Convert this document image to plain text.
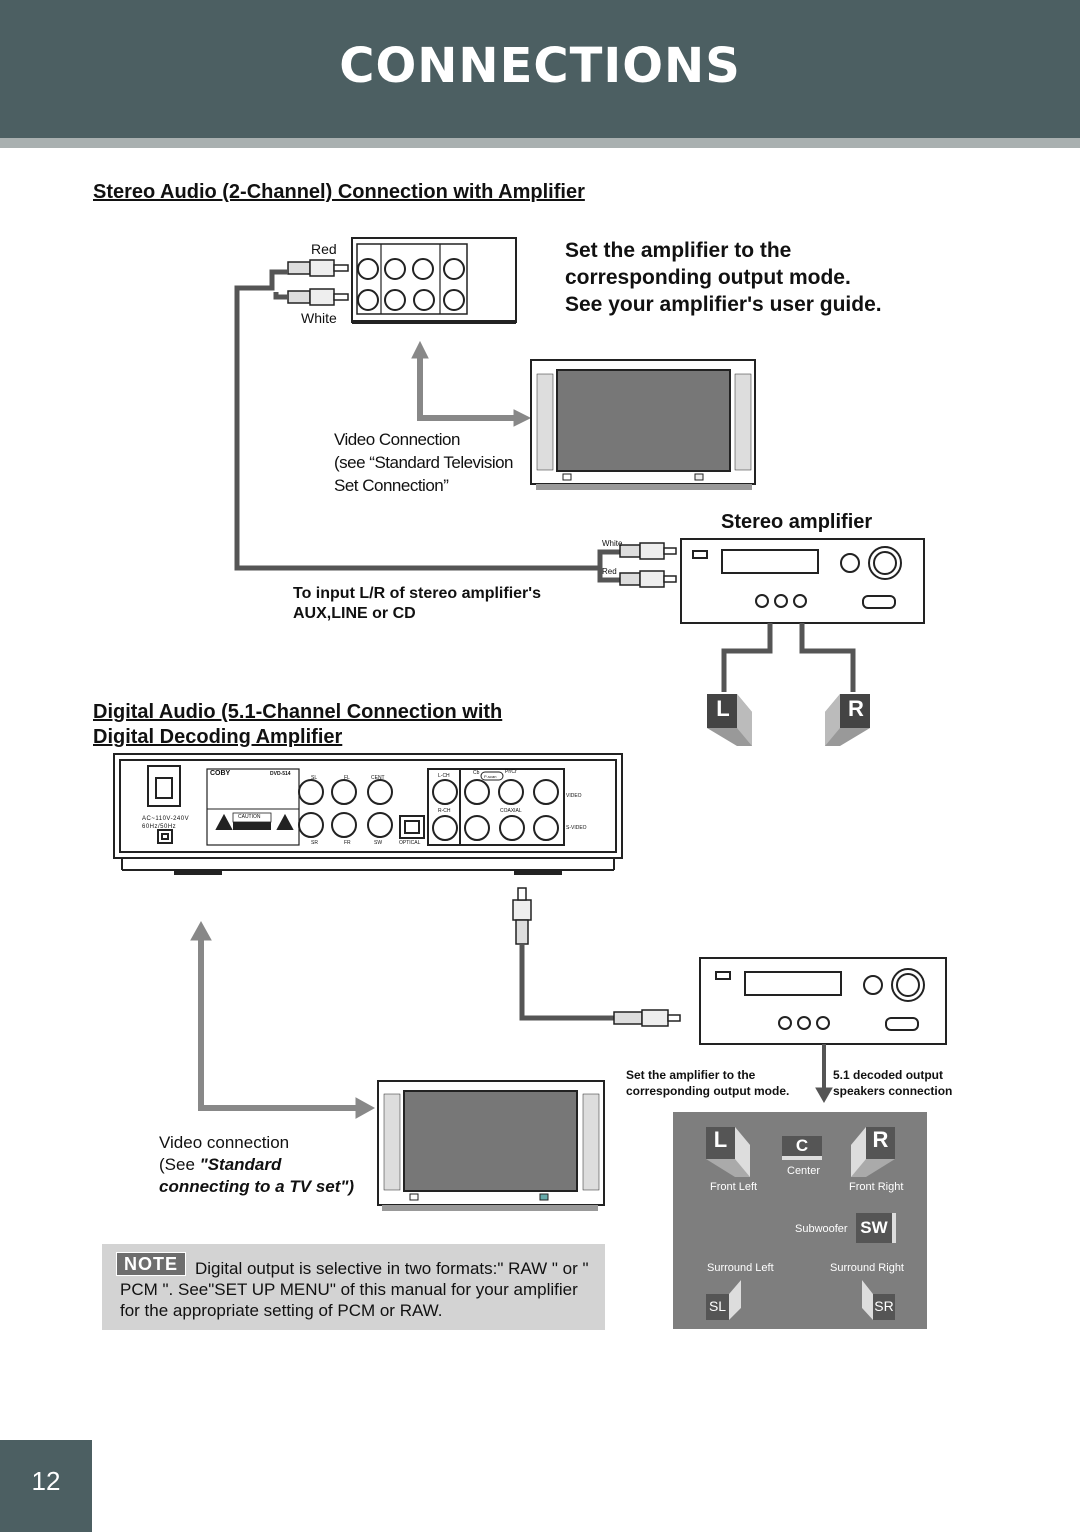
CONNECTIONS
Stereo Audio (2-Channel) Connection with Amplifier
Red
White
Set the amplifier to the
corresponding output mode.
See your amplifier's user guide.
Video Connection
(see “Standard Television
Set Connection”
Stereo amplifier
White
Red
To input L/R of stereo amplifier's
AUX,LINE or CD
L	R
Digital Audio (5.1-Channel Connection with
Digital Decoding Amplifier
COBY	DVD-514
AC~110V-240V
60Hz/50Hz
CAUTION
SL	FL	CENT
SR	FR	SW	OPTICAL
L-CH
R-CH
Cb	Pr/Cr
P-scan
VIDEO
COAXIAL
S-VIDEO
Set the amplifier to the
corresponding output mode.
5.1 decoded output
speakers connection
Video connection
(See "Standard
connecting to a TV set")
L	C	R
SW
SL	SR
Front Left
Center
Front Right
Subwoofer
Surround Left	Surround Right
NOTE	Digital output is selective in two formats:" RAW " or " PCM ". See"SET UP MENU" of this manual for your amplifier for the appropriate setting of PCM or RAW.
12
